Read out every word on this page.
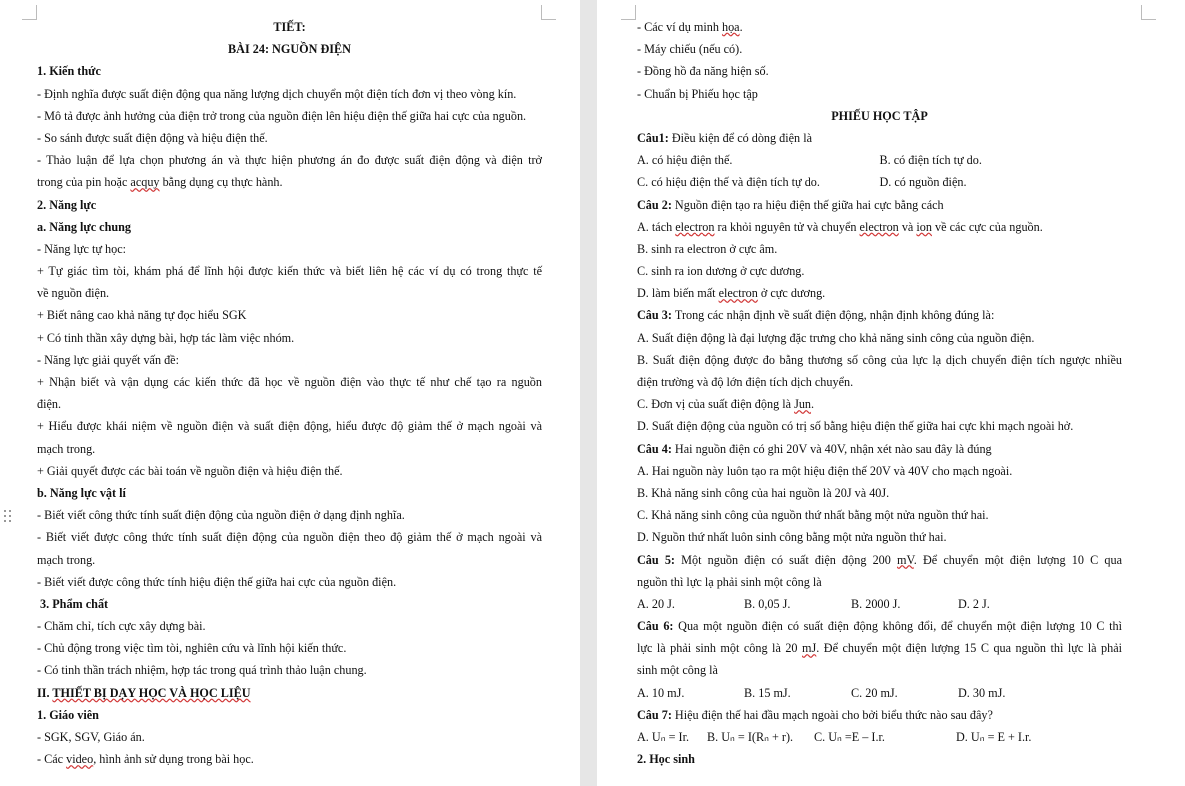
TIẾT:
BÀI 24: NGUỒN ĐIỆN
1. Kiến thức
- Định nghĩa được suất điện động qua năng lượng dịch chuyển một điện tích đơn vị theo vòng kín.
- Mô tả được ảnh hưởng của điện trở trong của nguồn điện lên hiệu điện thế giữa hai cực của nguồn.
- So sánh được suất điện động và hiệu điện thế.
- Thảo luận để lựa chọn phương án và thực hiện phương án đo được suất điện động và điện trở
trong của pin hoặc acquy bằng dụng cụ thực hành.
2. Năng lực
a. Năng lực chung
- Năng lực tự học:
+ Tự giác tìm tòi, khám phá để lĩnh hội được kiến thức và biết liên hệ các ví dụ có trong thực tế
về nguồn điện.
+ Biết nâng cao khả năng tự đọc hiểu SGK
+ Có tinh thần xây dựng bài, hợp tác làm việc nhóm.
- Năng lực giải quyết vấn đề:
+ Nhận biết và vận dụng các kiến thức đã học về nguồn điện vào thực tế như chế tạo ra nguồn
điện.
+ Hiểu được khái niệm về nguồn điện và suất điện động, hiểu được độ giảm thế ở mạch ngoài và
mạch trong.
+ Giải quyết được các bài toán về nguồn điện và hiệu điện thế.
b. Năng lực vật lí
- Biết viết công thức tính suất điện động của nguồn điện ở dạng định nghĩa.
- Biết viết được công thức tính suất điện động của nguồn điện theo độ giảm thế ở mạch ngoài và
mạch trong.
- Biết viết được công thức tính hiệu điện thế giữa hai cực của nguồn điện.
3. Phẩm chất
- Chăm chỉ, tích cực xây dựng bài.
- Chủ động trong việc tìm tòi, nghiên cứu và lĩnh hội kiến thức.
- Có tinh thần trách nhiệm, hợp tác trong quá trình thảo luận chung.
II. THIẾT BỊ DẠY HỌC VÀ HỌC LIỆU
1. Giáo viên
- SGK, SGV, Giáo án.
- Các video, hình ảnh sử dụng trong bài học.
- Các ví dụ minh họa.
- Máy chiếu (nếu có).
- Đồng hồ đa năng hiện số.
- Chuẩn bị Phiếu học tập
PHIẾU HỌC TẬP
Câu1: Điều kiện để có dòng điện là
A. có hiệu điện thế.	B. có điện tích tự do.
C. có hiệu điện thế và điện tích tự do.	D. có nguồn điện.
Câu 2: Nguồn điện tạo ra hiệu điện thế giữa hai cực bằng cách
A. tách electron ra khỏi nguyên tử và chuyển electron và ion về các cực của nguồn.
B. sinh ra electron ở cực âm.
C. sinh ra ion dương ở cực dương.
D. làm biến mất electron ở cực dương.
Câu 3: Trong các nhận định về suất điện động, nhận định không đúng là:
A. Suất điện động là đại lượng đặc trưng cho khả năng sinh công của nguồn điện.
B. Suất điện động được đo bằng thương số công của lực lạ dịch chuyển điện tích ngược nhiều
điện trường và độ lớn điện tích dịch chuyển.
C. Đơn vị của suất điện động là Jun.
D. Suất điện động của nguồn có trị số bằng hiệu điện thế giữa hai cực khi mạch ngoài hở.
Câu 4: Hai nguồn điện có ghi 20V và 40V, nhận xét nào sau đây là đúng
A. Hai nguồn này luôn tạo ra một hiệu điện thế 20V và 40V cho mạch ngoài.
B. Khả năng sinh công của hai nguồn là 20J và 40J.
C. Khả năng sinh công của nguồn thứ nhất bằng một nửa nguồn thứ hai.
D. Nguồn thứ nhất luôn sinh công bằng một nửa nguồn thứ hai.
Câu 5: Một nguồn điện có suất điện động 200 mV. Để chuyển một điện lượng 10 C qua
nguồn thì lực lạ phải sinh một công là
A. 20 J.	B. 0,05 J.	B. 2000 J.	D. 2 J.
Câu 6: Qua một nguồn điện có suất điện động không đổi, để chuyển một điện lượng 10 C thì
lực là phải sinh một công là 20 mJ. Để chuyển một điện lượng 15 C qua nguồn thì lực là phải
sinh một công là
A. 10 mJ.	B. 15 mJ.	C. 20 mJ.	D. 30 mJ.
Câu 7: Hiệu điện thế hai đầu mạch ngoài cho bởi biểu thức nào sau đây?
A. Uₙ = Ir.	B. Uₙ = I(Rₙ + r).	C. Uₙ =E – I.r.	D. Uₙ = E + I.r.
2. Học sinh
